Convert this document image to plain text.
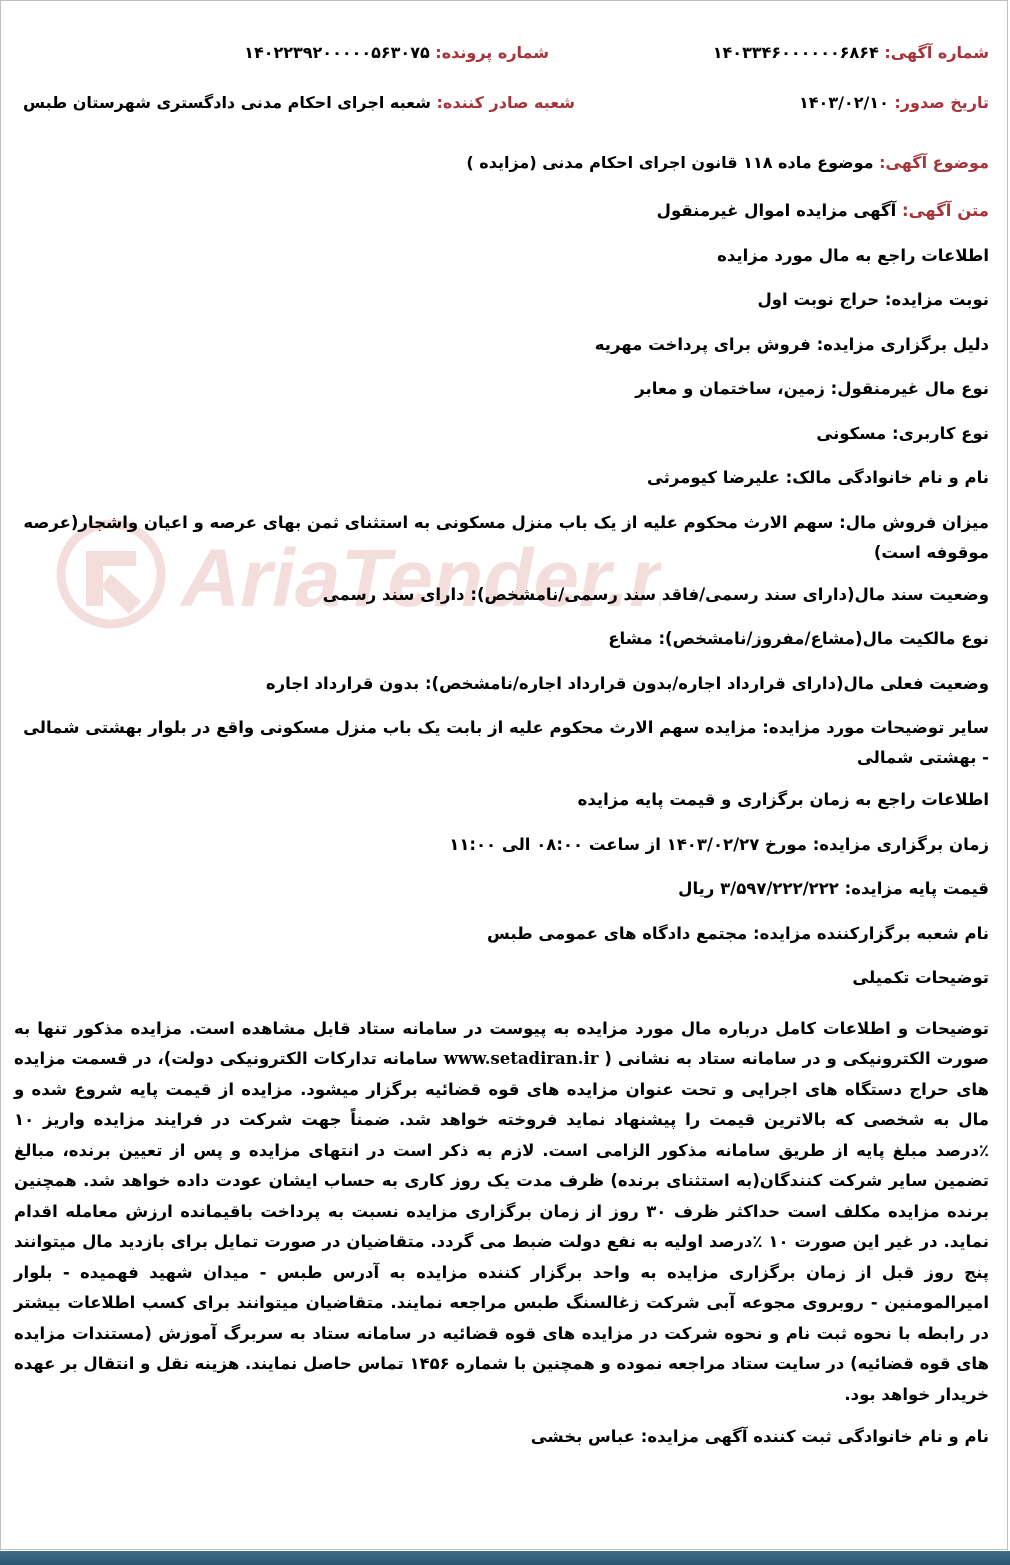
AriaTender.
شماره آگهی: ۱۴۰۳۳۴۶۰۰۰۰۰۰۶۸۶۴
شماره پرونده: ۱۴۰۲۲۳۹۲۰۰۰۰۰۵۶۳۰۷۵
تاریخ صدور: ۱۴۰۳/۰۲/۱۰
شعبه صادر کننده: شعبه اجرای احکام مدنی دادگستری شهرستان طبس
موضوع آگهی: موضوع ماده ۱۱۸ قانون اجرای احکام مدنی (مزایده )
متن آگهی: آگهی مزایده اموال غیرمنقول
اطلاعات راجع به مال مورد مزایده
نوبت مزایده: حراج نوبت اول
دلیل برگزاری مزایده: فروش برای پرداخت مهریه
نوع مال غیرمنقول: زمین، ساختمان و معابر
نوع کاربری: مسکونی
نام و نام خانوادگی مالک: علیرضا کیومرثی
میزان فروش مال: سهم الارث محکوم علیه از یک باب منزل مسکونی به استثنای ثمن بهای عرصه و اعیان واشجار(عرصه موقوفه است)
وضعیت سند مال(دارای سند رسمی/فاقد سند رسمی/نامشخص): دارای سند رسمی
نوع مالکیت مال(مشاع/مفروز/نامشخص): مشاع
وضعیت فعلی مال(دارای قرارداد اجاره/بدون قرارداد اجاره/نامشخص): بدون قرارداد اجاره
سایر توضیحات مورد مزایده: مزایده سهم الارث محکوم علیه از بابت یک باب منزل مسکونی واقع در بلوار بهشتی شمالی - بهشتی شمالی
اطلاعات راجع به زمان برگزاری و قیمت پایه مزایده
زمان برگزاری مزایده: مورخ ۱۴۰۳/۰۲/۲۷ از ساعت ۰۸:۰۰ الی ۱۱:۰۰
قیمت پایه مزایده: ۳/۵۹۷/۲۲۲/۲۲۲ ریال
نام شعبه برگزارکننده مزایده: مجتمع دادگاه های عمومی طبس
توضیحات تکمیلی
توضیحات و اطلاعات کامل درباره مال مورد مزایده به پیوست در سامانه ستاد قابل مشاهده است. مزایده مذکور تنها به صورت الکترونیکی و در سامانه ستاد به نشانی ( www.setadiran.ir سامانه تدارکات الکترونیکی دولت)، در قسمت مزایده های حراج دستگاه های اجرایی و تحت عنوان مزایده های قوه قضائیه برگزار میشود. مزایده از قیمت پایه شروع شده و مال به شخصی که بالاترین قیمت را پیشنهاد نماید فروخته خواهد شد. ضمناً جهت شرکت در فرایند مزایده واریز ۱۰ ٪درصد مبلغ پایه از طریق سامانه مذکور الزامی است. لازم به ذکر است در انتهای مزایده و پس از تعیین برنده، مبالغ تضمین سایر شرکت کنندگان(به استثنای برنده) ظرف مدت یک روز کاری به حساب ایشان عودت داده خواهد شد. همچنین برنده مزایده مکلف است حداکثر ظرف ۳۰ روز از زمان برگزاری مزایده نسبت به پرداخت باقیمانده ارزش معامله اقدام نماید. در غیر این صورت ۱۰ ٪درصد اولیه به نفع دولت ضبط می گردد. متقاضیان در صورت تمایل برای بازدید مال میتوانند پنج روز قبل از زمان برگزاری مزایده به واحد برگزار کننده مزایده به آدرس طبس - میدان شهید فهمیده - بلوار امیرالمومنین - روبروی مجوعه آبی شرکت زغالسنگ طبس مراجعه نمایند. متقاضیان میتوانند برای کسب اطلاعات بیشتر در رابطه با نحوه ثبت نام و نحوه شرکت در مزایده های قوه قضائیه در سامانه ستاد به سربرگ آموزش (مستندات مزایده های قوه قضائیه) در سایت ستاد مراجعه نموده و همچنین با شماره ۱۴۵۶ تماس حاصل نمایند. هزینه نقل و انتقال بر عهده خریدار خواهد بود.
نام و نام خانوادگی ثبت کننده آگهی مزایده: عباس بخشی
